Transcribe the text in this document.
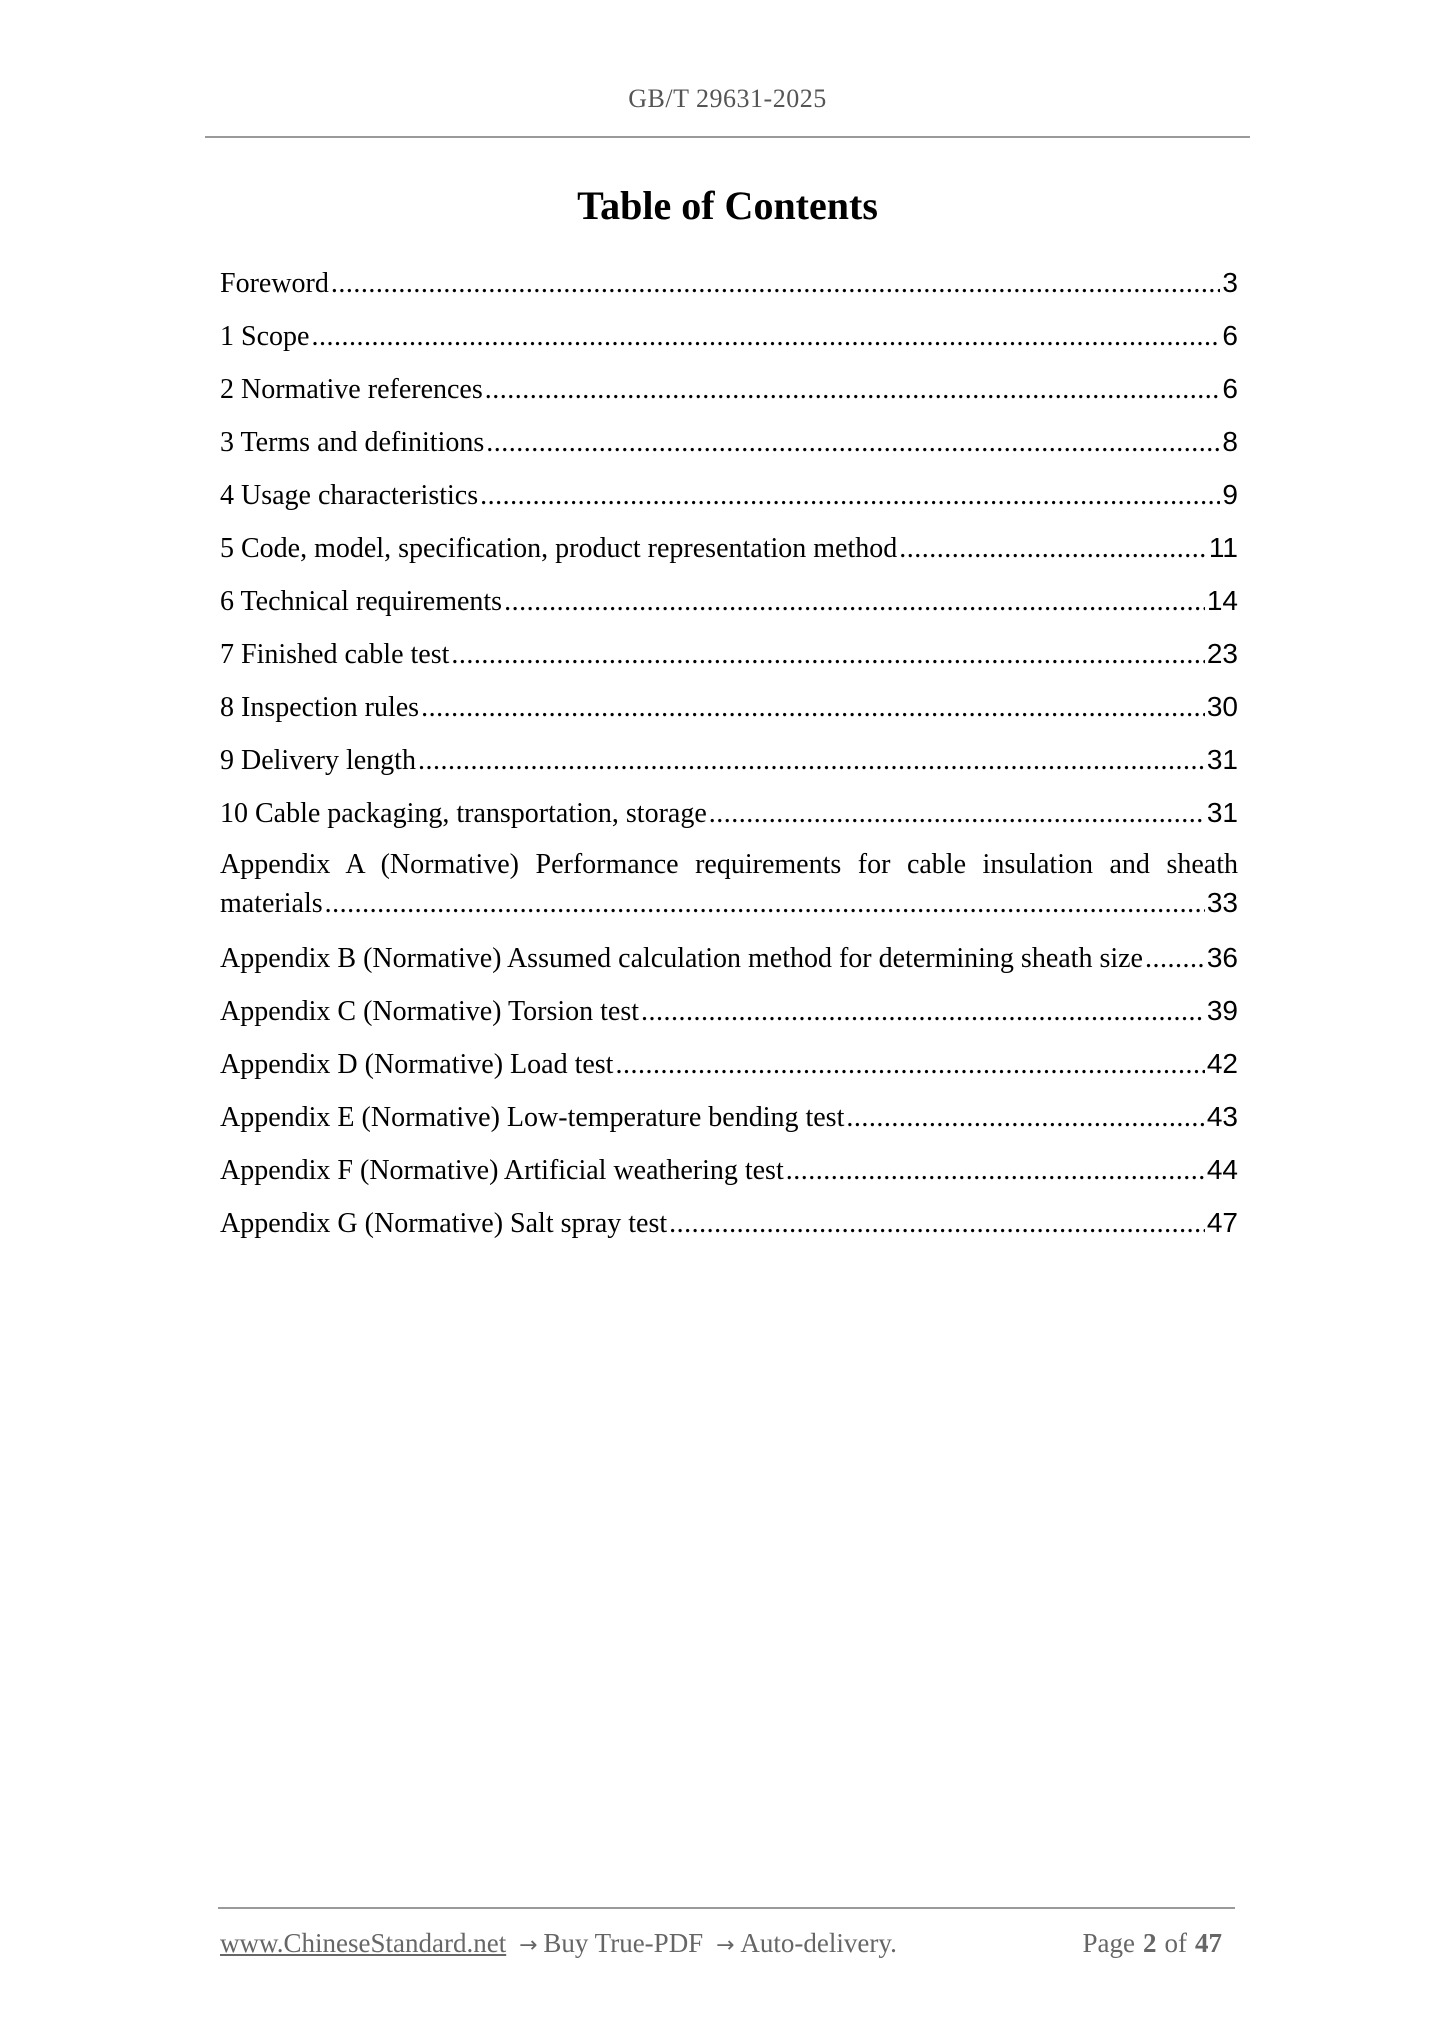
GB/T 29631-2025
Table of Contents
Foreword .....	3
1 Scope .....	6
2 Normative references .....	6
3 Terms and definitions .....	8
4 Usage characteristics .....	9
5 Code, model, specification, product representation method .....	11
6 Technical requirements .....	14
7 Finished cable test .....	23
8 Inspection rules .....	30
9 Delivery length .....	31
10 Cable packaging, transportation, storage .....	31
Appendix A (Normative) Performance requirements for cable insulation and sheath
materials .....	33
Appendix B (Normative) Assumed calculation method for determining sheath size ..... 36
Appendix C (Normative) Torsion test .....	39
Appendix D (Normative) Load test .....	42
Appendix E (Normative) Low-temperature bending test .....	43
Appendix F (Normative) Artificial weathering test .....	44
Appendix G (Normative) Salt spray test .....	47
www.ChineseStandard.net → Buy True-PDF → Auto-delivery.	Page 2 of 47
